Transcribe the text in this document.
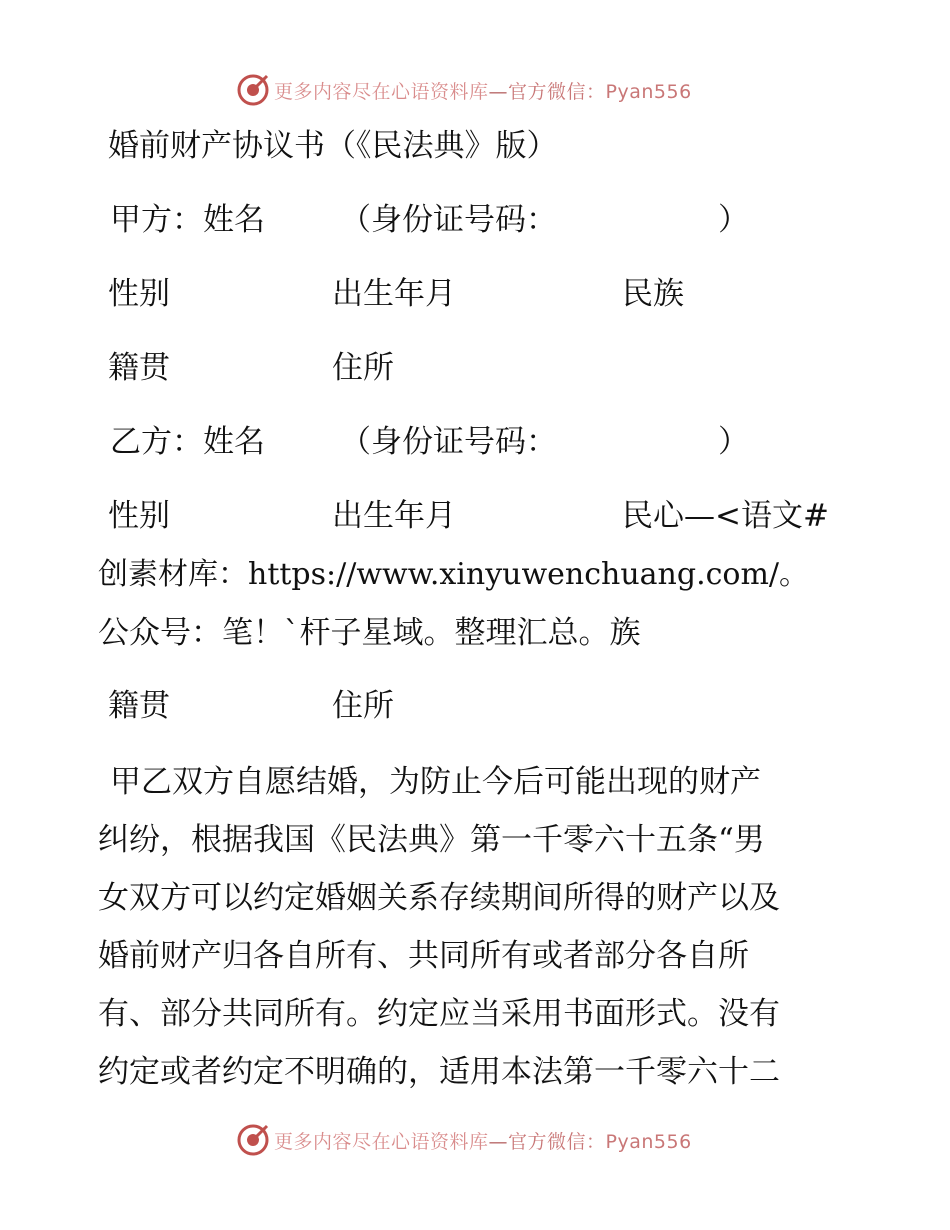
更多内容尽在心语资料库—官方微信：Pyan556
婚前财产协议书（《民法典》版）
甲方：姓名 （身份证号码：	）
性别	出生年月	民族
籍贯	住所
乙方：姓名 （身份证号码：	）
性别	出生年月	民心—<语文#
创素材库：https://www.xinyuwenchuang.com/。
公众号：笔！`杆子星域。整理汇总。族
籍贯	住所
甲乙双方自愿结婚，为防止今后可能出现的财产
纠纷，根据我国《民法典》第一千零六十五条“男
女双方可以约定婚姻关系存续期间所得的财产以及
婚前财产归各自所有、共同所有或者部分各自所
有、部分共同所有。约定应当采用书面形式。没有
约定或者约定不明确的，适用本法第一千零六十二
更多内容尽在心语资料库—官方微信：Pyan556
